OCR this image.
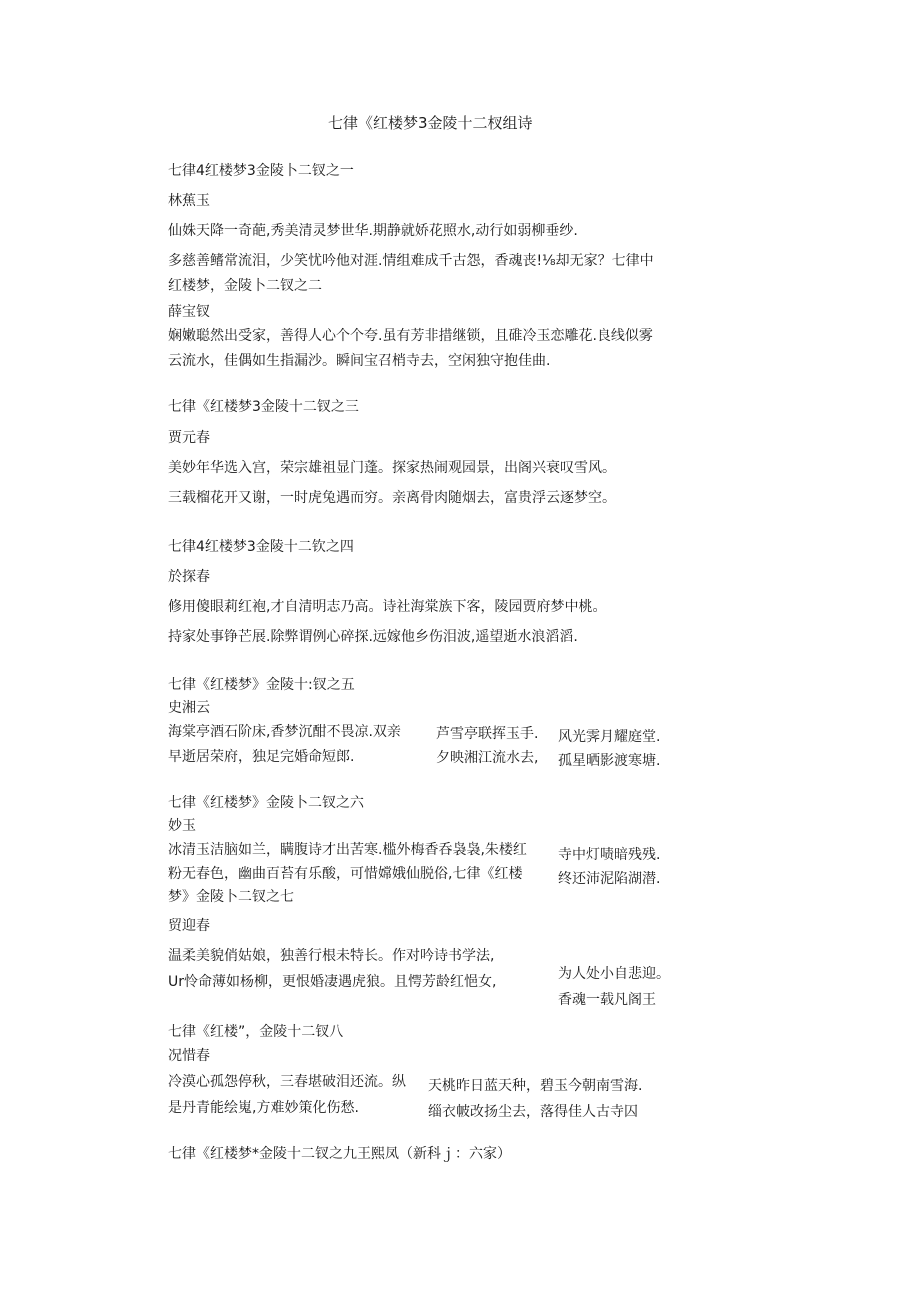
七律《红楼梦3金陵十二杈组诗
七律4红楼梦3金陵卜二钗之一
林蕉玉
仙姝天降一奇葩,秀美清灵梦世华.期静就娇花照水,动行如弱柳垂纱.
多慈善鳍常流泪，少笑忧吟他对涯.情组难成千古怨，香魂丧!⅛却无家？七律中
红楼梦，金陵卜二钗之二
薛宝钗
娴嫩聪然出受家，善得人心个个夸.虽有芳非措继锁，且碓冷玉恋雕花.良线似雾
云流水，佳偶如生指漏沙。瞬间宝召梢寺去，空闲独守抱佳曲.
七律《红楼梦3金陵十二钗之三
贾元春
美妙年华选入宫，荣宗雄祖显门蓬。探家热闹观园景，出阁兴衰叹雪风。
三载榴花开又谢，一时虎兔遇而穷。亲离骨肉随烟去，富贵浮云逐梦空。
七律4红楼梦3金陵十二钦之四
於探春
修用傻眼莉红袍,才自清明志乃高。诗社海棠族下客，陵园贾府梦中桃。
持家处事铮芒展.除弊谓例心碎探.远嫁他乡伤泪波,遥望逝水浪滔滔.
七律《红楼梦》金陵十:钗之五
史湘云
海棠亭酒石阶床,香梦沉酣不畏凉.双亲
早逝居荣府，独足完婚命短郎.
芦雪亭联挥玉手.
夕映湘江流水去,
风光霁月耀庭堂.
孤星晒影渡寒塘.
七律《红楼梦》金陵卜二钗之六
妙玉
冰清玉洁脑如兰，瞒腹诗才出苦寒.槛外梅香呑袅袅,朱楼红
粉无春色，幽曲百苔有乐酸，可惜嫦娥仙脱俗,七律《红楼
梦》金陵卜二钗之七
寺中灯啧暗残残.
终还沛泥陷湖潜.
贸迎春
温柔美貌俏姑娘，独善行根未特长。作对吟诗书学法,
Ur怜命薄如杨柳，更恨婚凄遇虎狼。且愕芳龄红悒女,	为人处小自悲迎。
香魂一载凡阁王
七律《红楼”，金陵十二钗八
况惜春
冷漠心孤怨停秋，三春堪破泪还流。纵
是丹青能绘嵬,方难妙策化伤愁.
天桃昨日蓝天种，碧玉今朝南雪海.
缁衣帔改扬尘去，落得佳人古寺囚
七律《红楼梦*金陵十二钗之九王熙凤（新科ｊ：六家）
